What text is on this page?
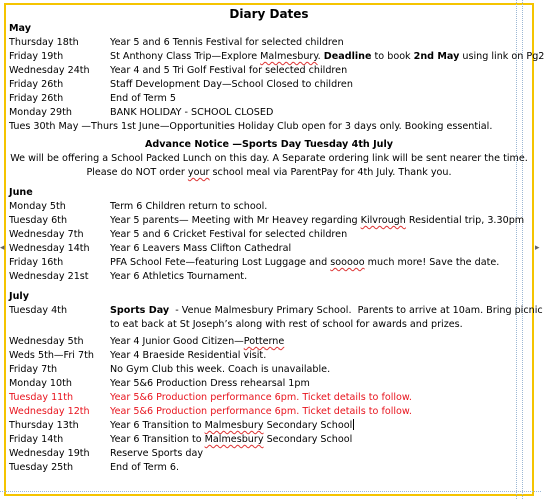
◂	▸
Diary Dates
May
Thursday 18th	Year 5 and 6 Tennis Festival for selected children
Friday 19th	St Anthony Class Trip—Explore Malmesbury. Deadline to book 2nd May using link on Pg2
Wednesday 24th	Year 4 and 5 Tri Golf Festival for selected children
Friday 26th	Staff Development Day—School Closed to children
Friday 26th	End of Term 5
Monday 29th	BANK HOLIDAY - SCHOOL CLOSED
Tues 30th May —Thurs 1st June—Opportunities Holiday Club open for 3 days only. Booking essential.
Advance Notice —Sports Day Tuesday 4th July
We will be offering a School Packed Lunch on this day. A Separate ordering link will be sent nearer the time.
Please do NOT order your school meal via ParentPay for 4th July. Thank you.
June
Monday 5th	Term 6 Children return to school.
Tuesday 6th	Year 5 parents— Meeting with Mr Heavey regarding Kilvrough Residential trip, 3.30pm
Wednesday 7th	Year 5 and 6 Cricket Festival for selected children
Wednesday 14th	Year 6 Leavers Mass Clifton Cathedral
Friday 16th	PFA School Fete—featuring Lost Luggage and sooooo much more! Save the date.
Wednesday 21st	Year 6 Athletics Tournament.
July
Tuesday 4th	Sports Day  - Venue Malmesbury Primary School.  Parents to arrive at 10am. Bring picnic
to eat back at St Joseph’s along with rest of school for awards and prizes.
Wednesday 5th	Year 4 Junior Good Citizen—Potterne
Weds 5th—Fri 7th	Year 4 Braeside Residential visit.
Friday 7th	No Gym Club this week. Coach is unavailable.
Monday 10th	Year 5&6 Production Dress rehearsal 1pm
Tuesday 11th	Year 5&6 Production performance 6pm. Ticket details to follow.
Wednesday 12th	Year 5&6 Production performance 6pm. Ticket details to follow.
Thursday 13th	Year 6 Transition to Malmesbury Secondary School
Friday 14th	Year 6 Transition to Malmesbury Secondary School
Wednesday 19th	Reserve Sports day
Tuesday 25th	End of Term 6.
